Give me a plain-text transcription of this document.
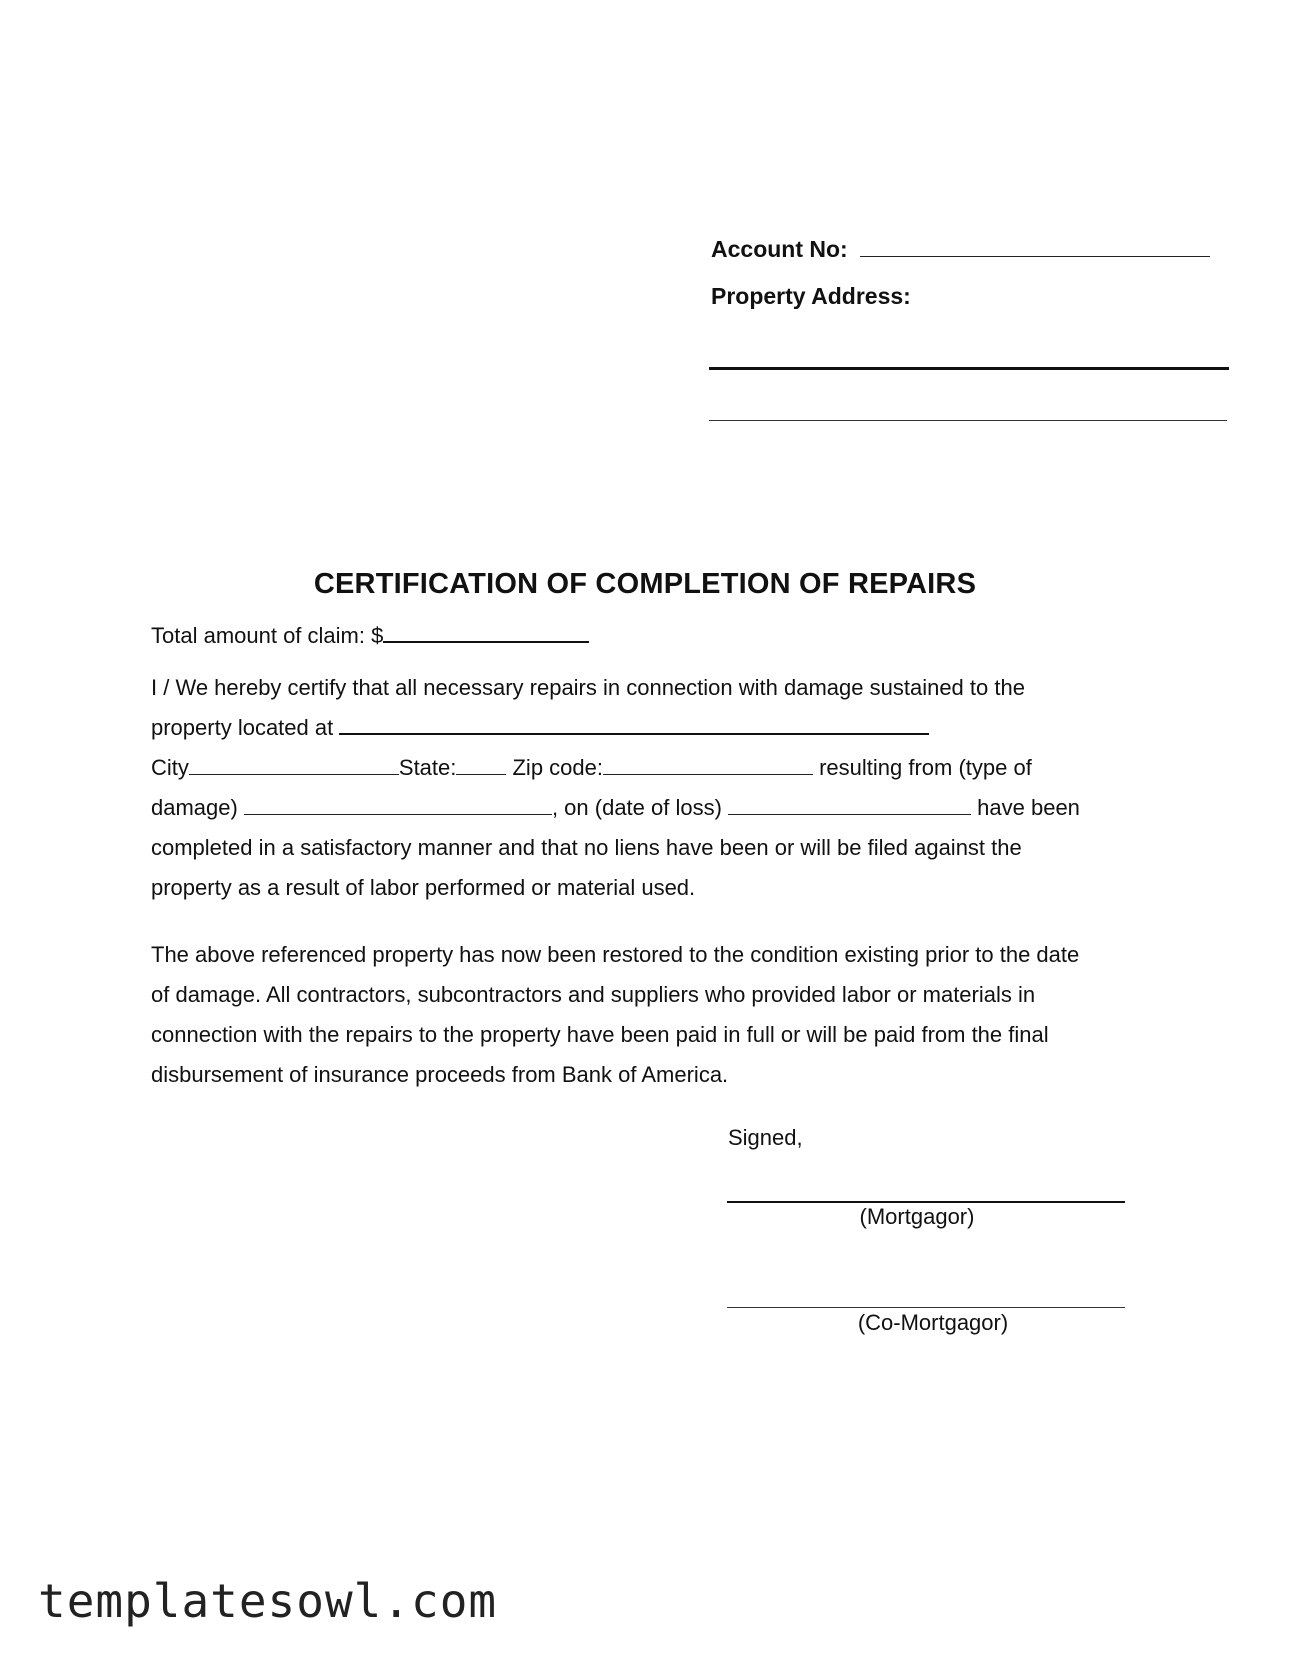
Account No:
Property Address:
CERTIFICATION OF COMPLETION OF REPAIRS
Total amount of claim: $
I / We hereby certify that all necessary repairs in connection with damage sustained to the
property located at
City	State: Zip code:	resulting from (type of
damage)	, on (date of loss)	have been
completed in a satisfactory manner and that no liens have been or will be filed against the
property as a result of labor performed or material used.
The above referenced property has now been restored to the condition existing prior to the date
of damage. All contractors, subcontractors and suppliers who provided labor or materials in
connection with the repairs to the property have been paid in full or will be paid from the final
disbursement of insurance proceeds from Bank of America.
Signed,
(Mortgagor)
(Co-Mortgagor)
templatesowl.com
